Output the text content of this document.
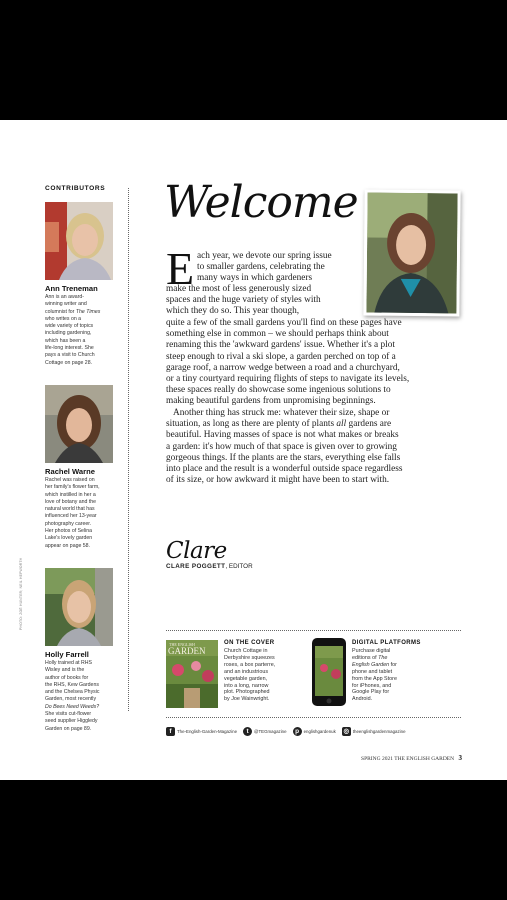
CONTRIBUTORS
Ann Treneman
Ann is an award-
winning writer and
columnist for The Times
who writes on a
wide variety of topics
including gardening,
which has been a
life-long interest. She
pays a visit to Church
Cottage on page 28.
Rachel Warne
Rachel was raised on
her family's flower farm,
which instilled in her a
love of botany and the
natural world that has
influenced her 13-year
photography career.
Her photos of Selina
Lake's lovely garden
appear on page 58.
Holly Farrell
Holly trained at RHS
Wisley and is the
author of books for
the RHS, Kew Gardens
and the Chelsea Physic
Garden, most recently
Do Bees Need Weeds?
She visits cut-flower
seed supplier Higgledy
Garden on page 89.
PHOTO: ZOË HUNTER; NEIL HEPWORTH
Welcome
E ach year, we devote our spring issue
to smaller gardens, celebrating the
many ways in which gardeners
make the most of less generously sized
spaces and the huge variety of styles with
which they do so. This year though,
quite a few of the small gardens you'll find on these pages have
something else in common – we should perhaps think about
renaming this the 'awkward gardens' issue. Whether it's a plot
steep enough to rival a ski slope, a garden perched on top of a
garage roof, a narrow wedge between a road and a churchyard,
or a tiny courtyard requiring flights of steps to navigate its levels,
these spaces really do showcase some ingenious solutions to
making beautiful gardens from unpromising beginnings.
Another thing has struck me: whatever their size, shape or
situation, as long as there are plenty of plants all gardens are
beautiful. Having masses of space is not what makes or breaks
a garden: it's how much of that space is given over to growing
gorgeous things. If the plants are the stars, everything else falls
into place and the result is a wonderful outside space regardless
of its size, or how awkward it might have been to start with.
Clare
CLARE POGGETT, EDITOR
THE ENGLISH
GARDEN
ON THE COVER
Church Cottage in
Derbyshire squeezes
roses, a box parterre,
and an industrious
vegetable garden,
into a long, narrow
plot. Photographed
by Joe Wainwright.
DIGITAL PLATFORMS
Purchase digital
editions of The
English Garden for
phone and tablet
from the App Store
for iPhones, and
Google Play for
Android.
f	The-English-Garden-Magazine	t	@TEGmagazine	p	englishgardenuk ◎ theenglishgardenmagazine
SPRING 2021 THE ENGLISH GARDEN 3
